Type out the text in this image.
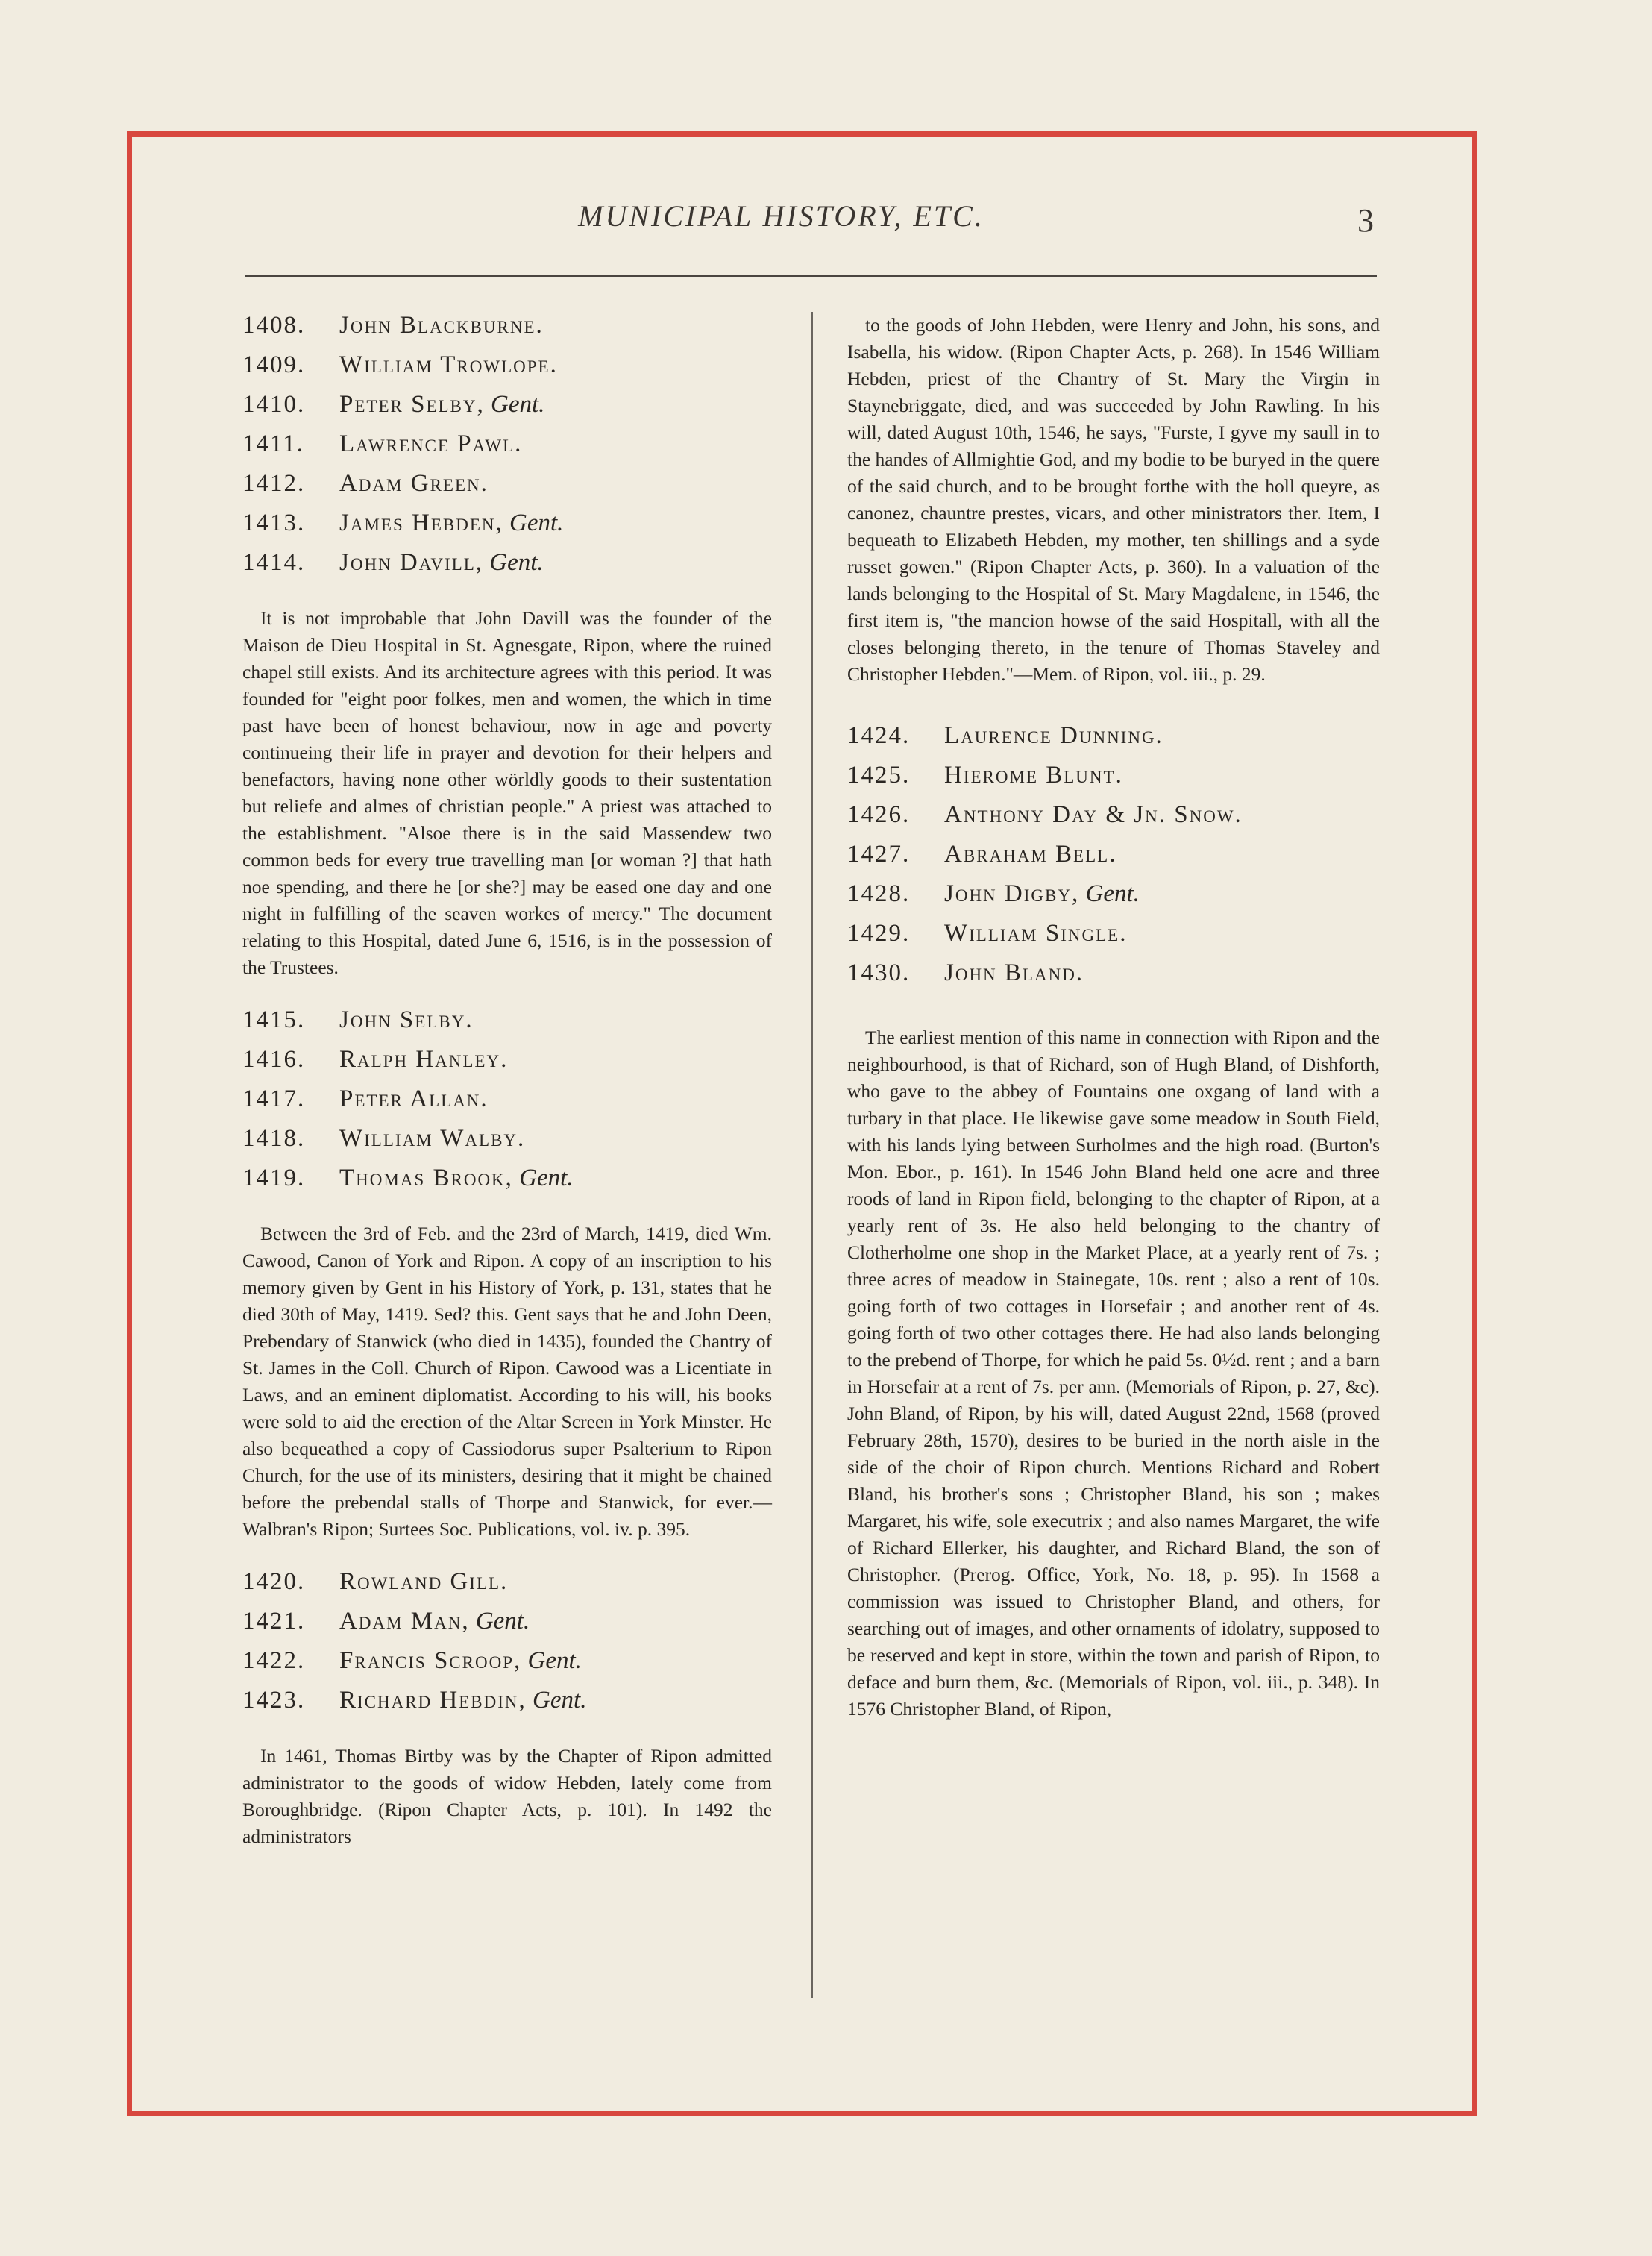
MUNICIPAL HISTORY, ETC.	3
1408. John Blackburne.
1409. William Trowlope.
1410. Peter Selby, Gent.
1411. Lawrence Pawl.
1412. Adam Green.
1413. James Hebden, Gent.
1414. John Davill, Gent.

It is not improbable that John Davill was the founder of the Maison de Dieu Hospital in St. Agnesgate, Ripon, where the ruined chapel still exists. And its architecture agrees with this period. It was founded for "eight poor folkes, men and women, the which in time past have been of honest behaviour, now in age and poverty continueing their life in prayer and devotion for their helpers and benefactors, having none other wörldly goods to their sustentation but reliefe and almes of christian people." A priest was attached to the establishment. "Alsoe there is in the said Massendew two common beds for every true travelling man [or woman ?] that hath noe spending, and there he [or she?] may be eased one day and one night in fulfilling of the seaven workes of mercy." The document relating to this Hospital, dated June 6, 1516, is in the possession of the Trustees.

1415. John Selby.
1416. Ralph Hanley.
1417. Peter Allan.
1418. William Walby.
1419. Thomas Brook, Gent.

Between the 3rd of Feb. and the 23rd of March, 1419, died Wm. Cawood, Canon of York and Ripon. A copy of an inscription to his memory given by Gent in his History of York, p. 131, states that he died 30th of May, 1419. Sed? this. Gent says that he and John Deen, Prebendary of Stanwick (who died in 1435), founded the Chantry of St. James in the Coll. Church of Ripon. Cawood was a Licentiate in Laws, and an eminent diplomatist. According to his will, his books were sold to aid the erection of the Altar Screen in York Minster. He also bequeathed a copy of Cassiodorus super Psalterium to Ripon Church, for the use of its ministers, desiring that it might be chained before the prebendal stalls of Thorpe and Stanwick, for ever.—Walbran's Ripon; Surtees Soc. Publications, vol. iv. p. 395.

1420. Rowland Gill.
1421. Adam Man, Gent.
1422. Francis Scroop, Gent.
1423. Richard Hebdin, Gent.

In 1461, Thomas Birtby was by the Chapter of Ripon admitted administrator to the goods of widow Hebden, lately come from Boroughbridge. (Ripon Chapter Acts, p. 101). In 1492 the administrators

to the goods of John Hebden, were Henry and John, his sons, and Isabella, his widow. (Ripon Chapter Acts, p. 268). In 1546 William Hebden, priest of the Chantry of St. Mary the Virgin in Staynebriggate, died, and was succeeded by John Rawling. In his will, dated August 10th, 1546, he says, "Furste, I gyve my saull in to the handes of Allmightie God, and my bodie to be buryed in the quere of the said church, and to be brought forthe with the holl queyre, as canonez, chauntre prestes, vicars, and other ministrators ther. Item, I bequeath to Elizabeth Hebden, my mother, ten shillings and a syde russet gowen." (Ripon Chapter Acts, p. 360). In a valuation of the lands belonging to the Hospital of St. Mary Magdalene, in 1546, the first item is, "the mancion howse of the said Hospitall, with all the closes belonging thereto, in the tenure of Thomas Staveley and Christopher Hebden."—Mem. of Ripon, vol. iii., p. 29.

1424. Laurence Dunning.
1425. Hierome Blunt.
1426. Anthony Day & Jn. Snow.
1427. Abraham Bell.
1428. John Digby, Gent.
1429. William Single.
1430. John Bland.

The earliest mention of this name in connection with Ripon and the neighbourhood, is that of Richard, son of Hugh Bland, of Dishforth, who gave to the abbey of Fountains one oxgang of land with a turbary in that place. He likewise gave some meadow in South Field, with his lands lying between Surholmes and the high road. (Burton's Mon. Ebor., p. 161). In 1546 John Bland held one acre and three roods of land in Ripon field, belonging to the chapter of Ripon, at a yearly rent of 3s. He also held belonging to the chantry of Clotherholme one shop in the Market Place, at a yearly rent of 7s. ; three acres of meadow in Stainegate, 10s. rent ; also a rent of 10s. going forth of two cottages in Horsefair ; and another rent of 4s. going forth of two other cottages there. He had also lands belonging to the prebend of Thorpe, for which he paid 5s. 0½d. rent ; and a barn in Horsefair at a rent of 7s. per ann. (Memorials of Ripon, p. 27, &c). John Bland, of Ripon, by his will, dated August 22nd, 1568 (proved February 28th, 1570), desires to be buried in the north aisle in the side of the choir of Ripon church. Mentions Richard and Robert Bland, his brother's sons ; Christopher Bland, his son ; makes Margaret, his wife, sole executrix ; and also names Margaret, the wife of Richard Ellerker, his daughter, and Richard Bland, the son of Christopher. (Prerog. Office, York, No. 18, p. 95). In 1568 a commission was issued to Christopher Bland, and others, for searching out of images, and other ornaments of idolatry, supposed to be reserved and kept in store, within the town and parish of Ripon, to deface and burn them, &c. (Memorials of Ripon, vol. iii., p. 348). In 1576 Christopher Bland, of Ripon,
